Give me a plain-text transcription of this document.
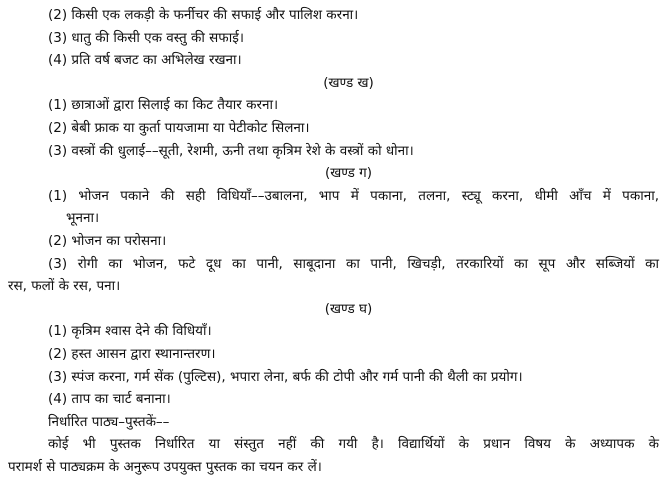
(2) किसी एक लकड़ी के फर्नीचर की सफाई और पालिश करना।
(3) धातु की किसी एक वस्तु की सफाई।
(4) प्रति वर्ष बजट का अभिलेख रखना।
(खण्ड ख)
(1) छात्राओं द्वारा सिलाई का किट तैयार करना।
(2) बेबी फ्राक या कुर्ता पायजामा या पेटीकोट सिलना।
(3) वस्त्रों की धुलाई––सूती, रेशमी, ऊनी तथा कृत्रिम रेशे के वस्त्रों को धोना।
(खण्ड ग)
(1) भोजन पकाने की सही विधियाँ––उबालना, भाप में पकाना, तलना, स्ट्यू करना, धीमी आँच में पकाना,
भूनना।
(2) भोजन का परोसना।
(3) रोगी का भोजन, फटे दूध का पानी, साबूदाना का पानी, खिचड़ी, तरकारियों का सूप और सब्जियों का
रस, फलों के रस, पना।
(खण्ड घ)
(1) कृत्रिम श्वास देने की विधियाँ।
(2) हस्त आसन द्वारा स्थानान्तरण।
(3) स्पंज करना, गर्म सेंक (पुल्टिस), भपारा लेना, बर्फ की टोपी और गर्म पानी की थैली का प्रयोग।
(4) ताप का चार्ट बनाना।
निर्धारित पाठ्य–पुस्तकें––
कोई भी पुस्तक निर्धारित या संस्तुत नहीं की गयी है। विद्यार्थियों के प्रधान विषय के अध्यापक के
परामर्श से पाठ्यक्रम के अनुरूप उपयुक्त पुस्तक का चयन कर लें।
